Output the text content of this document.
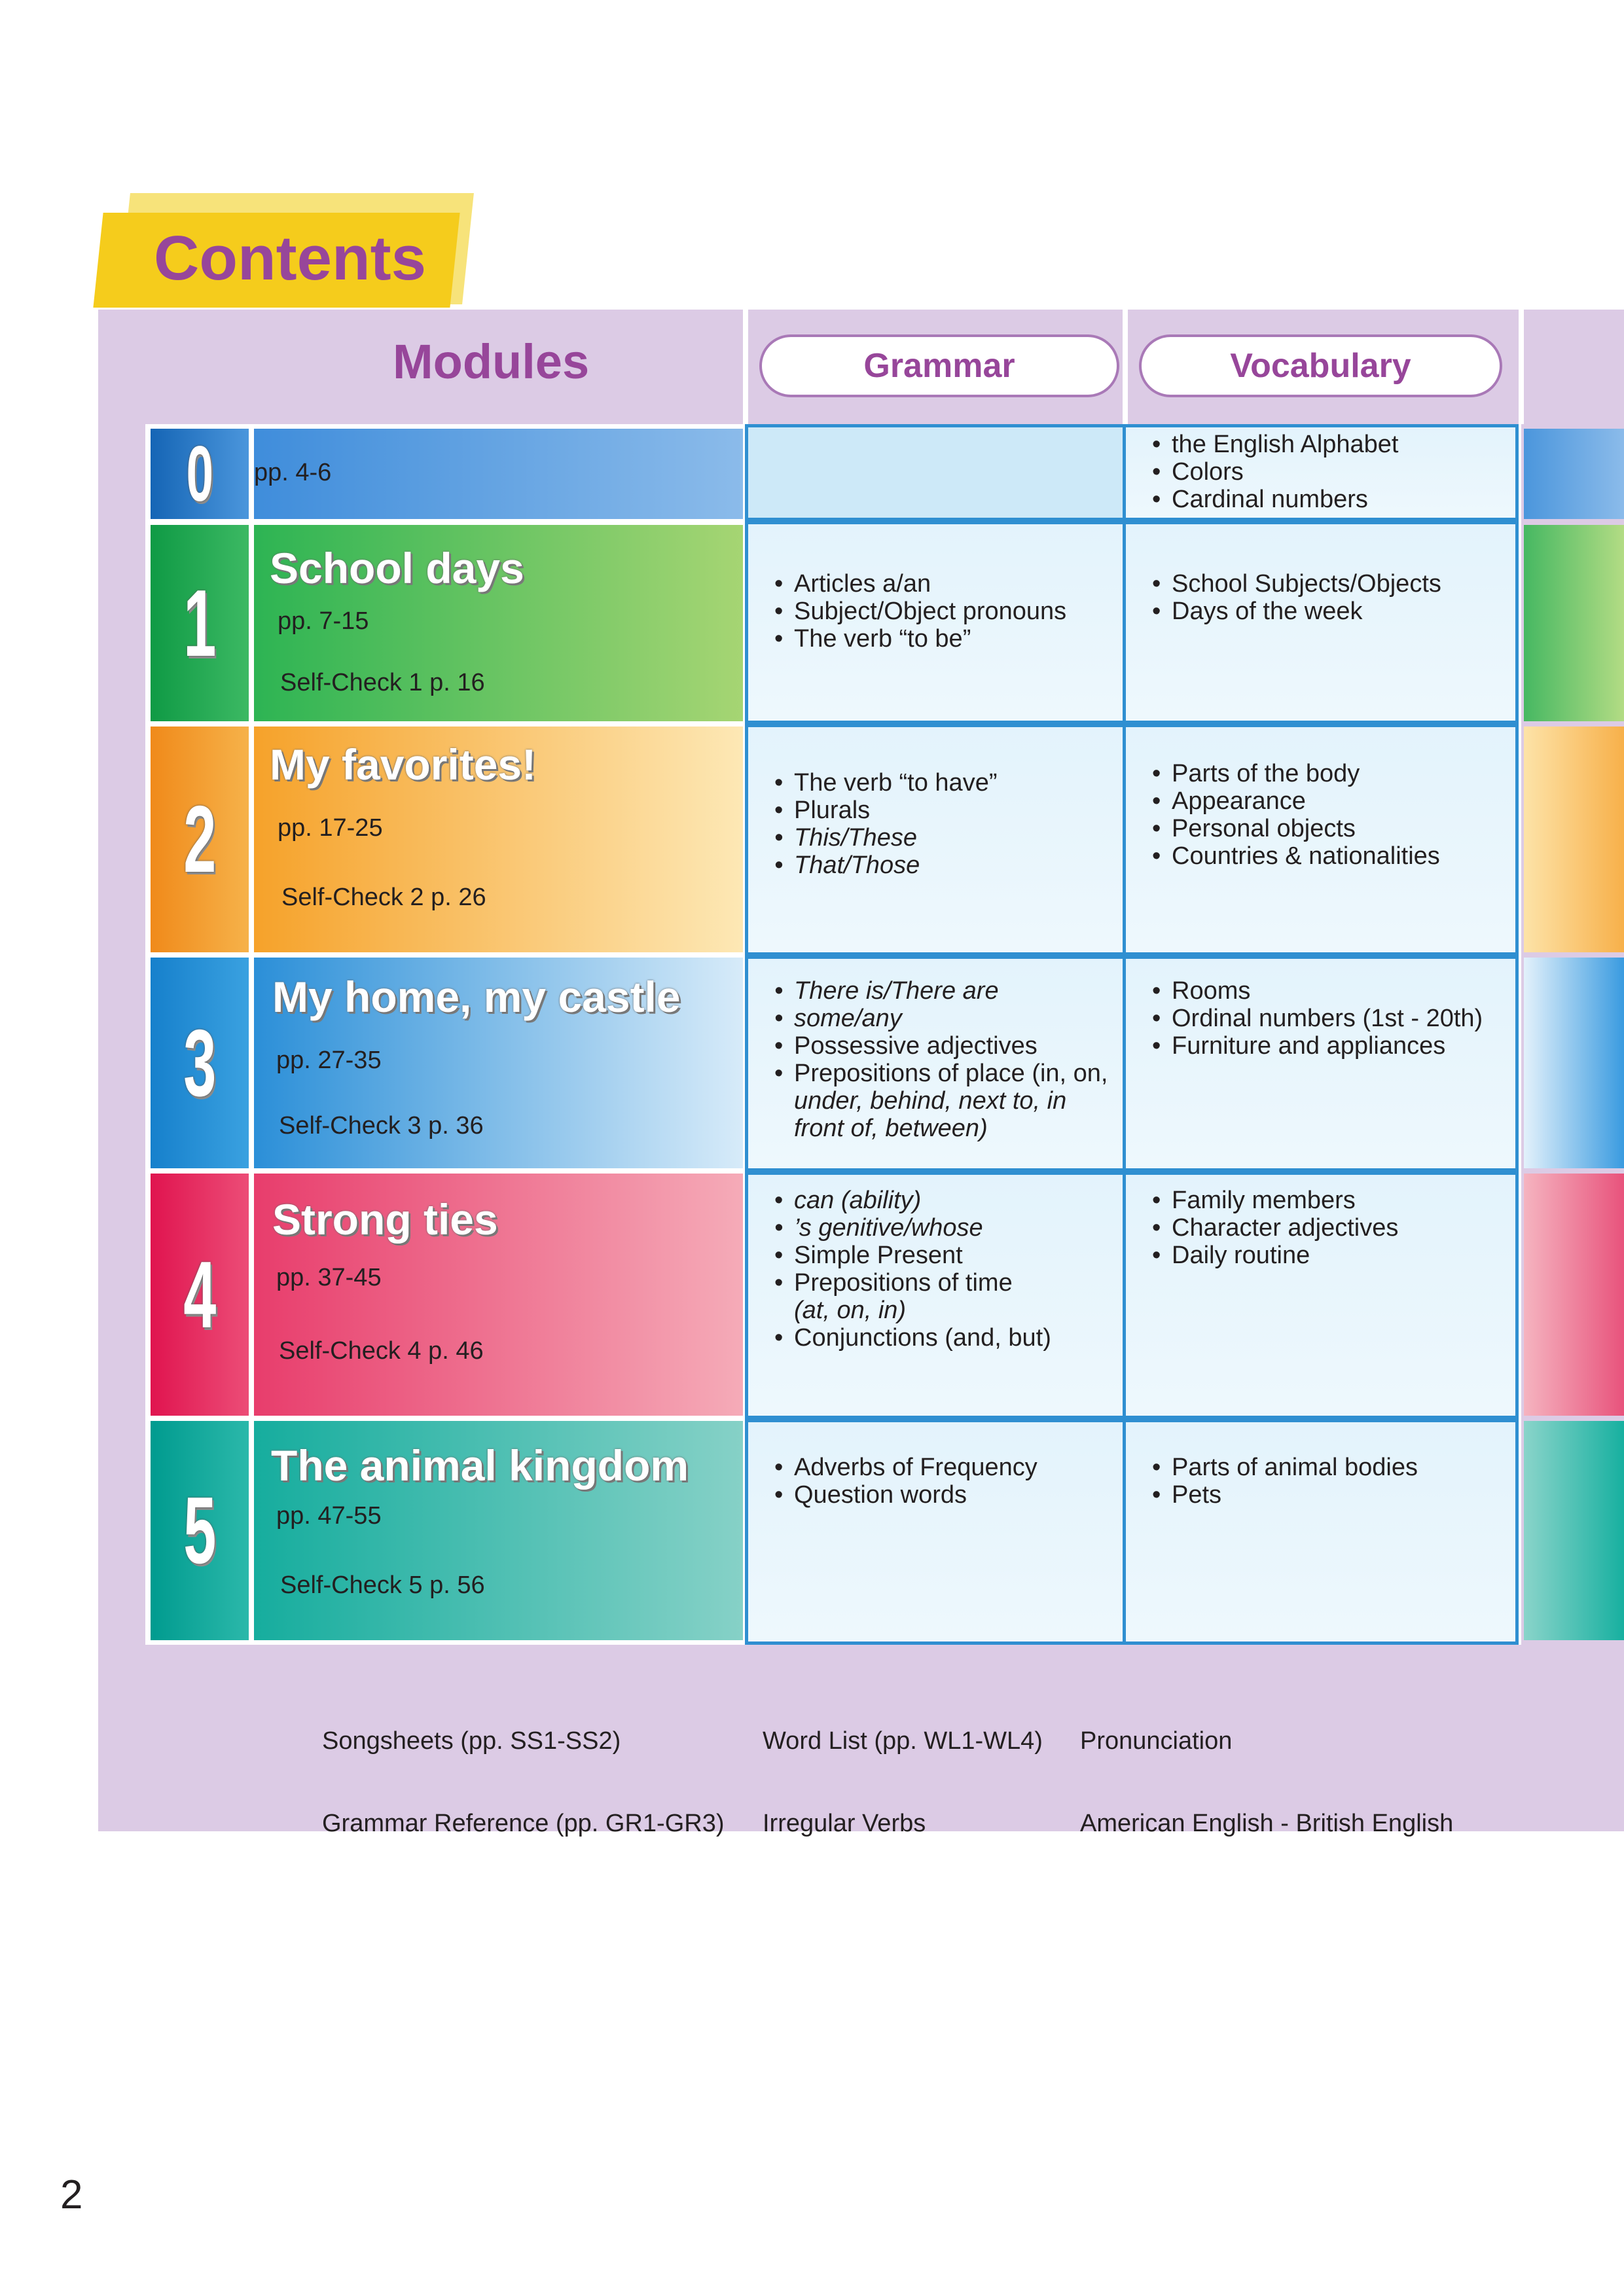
Contents
Modules	Grammar	Vocabulary
0 pp. 4-6
• the English Alphabet
• Colors
• Cardinal numbers
1
School days
pp. 7-15
Self-Check 1 p. 16
• Articles a/an
• Subject/Object pronouns
• The verb “to be”
• School Subjects/Objects
• Days of the week
2
My favorites!
pp. 17-25
Self-Check 2 p. 26
• The verb “to have”
• Plurals
• This/These
• That/Those
• Parts of the body
• Appearance
• Personal objects
• Countries & nationalities
3
My home, my castle
pp. 27-35
Self-Check 3 p. 36
• There is/There are
• some/any
• Possessive adjectives
• Prepositions of place (in, on,
under, behind, next to, in
front of, between)
• Rooms
• Ordinal numbers (1st - 20th)
• Furniture and appliances
4
Strong ties
pp. 37-45
Self-Check 4 p. 46
• can (ability)
• ’s genitive/whose
• Simple Present
• Prepositions of time
(at, on, in)
• Conjunctions (and, but)
• Family members
• Character adjectives
• Daily routine
5
The animal kingdom
pp. 47-55
Self-Check 5 p. 56
• Adverbs of Frequency
• Question words
• Parts of animal bodies
• Pets

Songsheets (pp. SS1-SS2)

Grammar Reference (pp. GR1-GR3)

Word List (pp. WL1-WL4)

Irregular Verbs

Pronunciation

American English - British English

2
